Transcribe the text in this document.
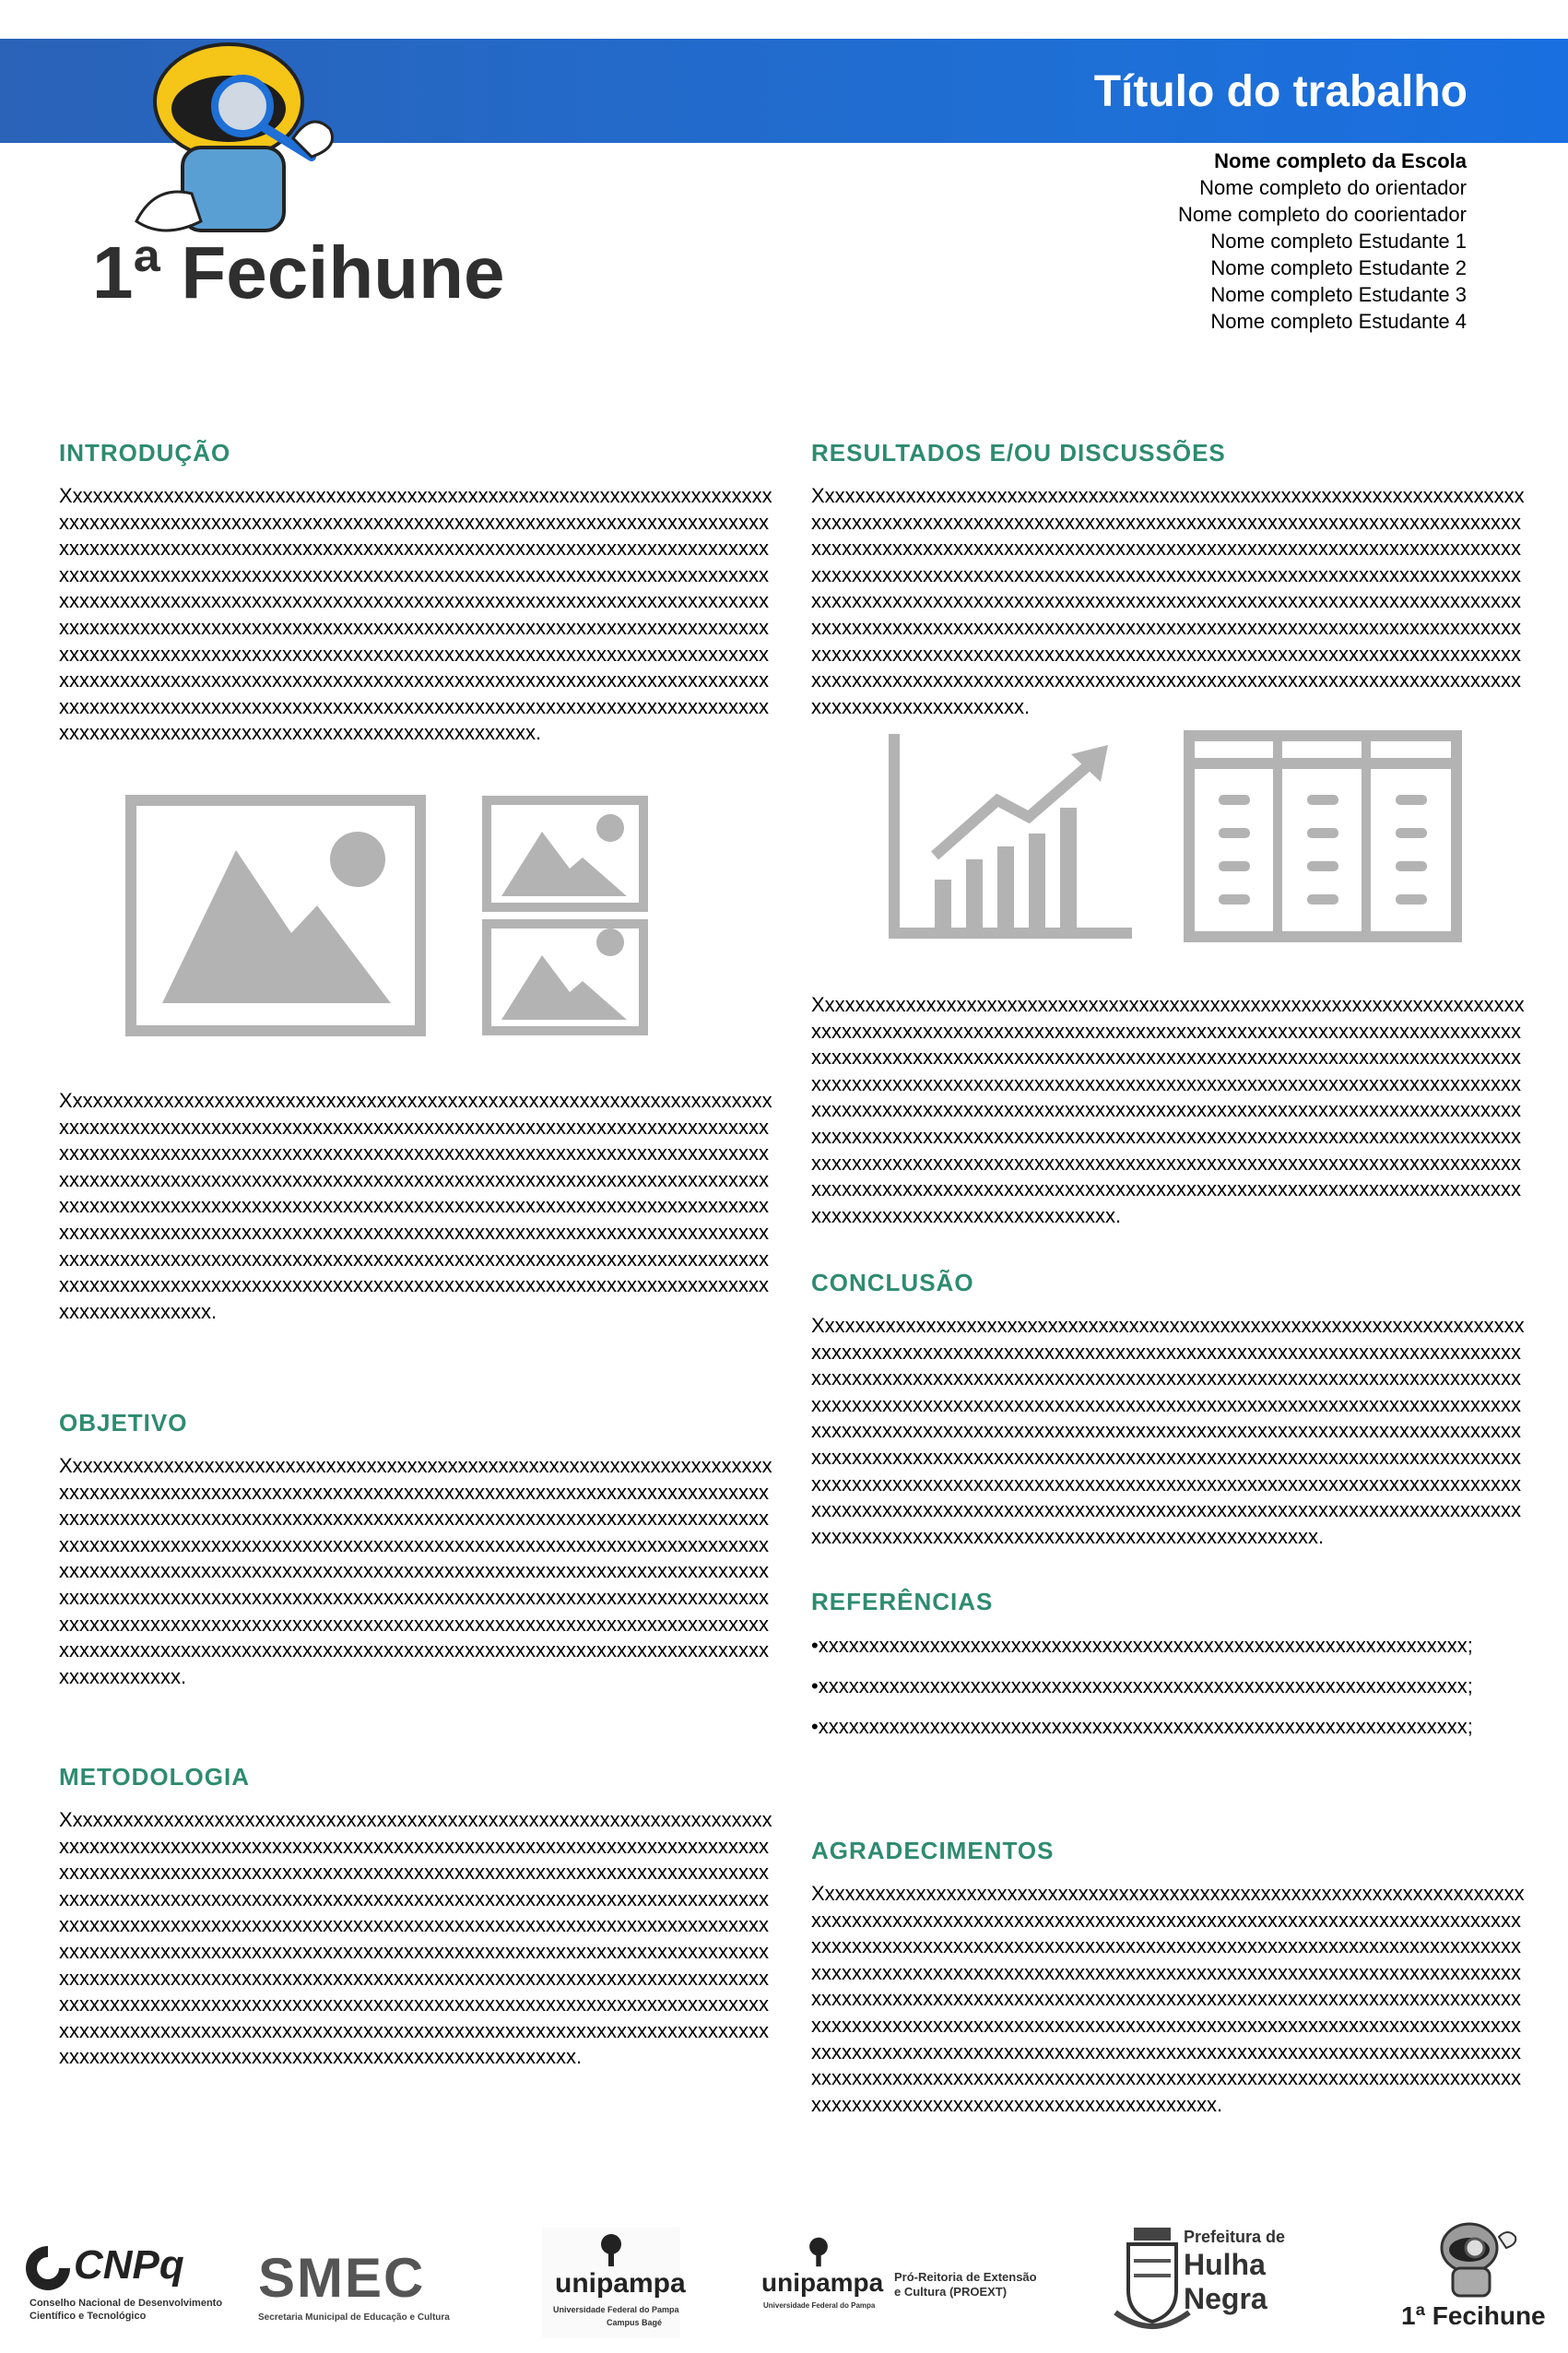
Título do trabalho
1ª Fecihune
Nome completo da Escola
Nome completo do orientador
Nome completo do coorientador
Nome completo Estudante 1
Nome completo Estudante 2
Nome completo Estudante 3
Nome completo Estudante 4
INTRODUÇÃO
Xxxxxxxxxxxxxxxxxxxxxxxxxxxxxxxxxxxxxxxxxxxxxxxxxxxxxxxxxxxxxxxxxxxxxxxxxxxxxxxxxxxxxxxxxxxxxxxxxxxxxxxxxxxxxxxxxxxxxxxxxxxxxxxxxxxxxxxxxxxxxxxxxxxxxxxxxxxxxxxxxxxxxxxxxxxxxxxxxxxxxxxxxxxxxxxxxxxxxxxxxxxxxxxxxxxxxxxxxxxxxxxxxxxxxxxxxxxxxxxxxxxxxxxxxxxxxxxxxxxxxxxxxxxxxxxxxxxxxxxxxxxxxxxxxxxxxxxxxxxxxxxxxxxxxxxxxxxxxxxxxxxxxxxxxxxxxxxxxxxxxxxxxxxxxxxxxxxxxxxxxxxxxxxxxxxxxxxxxxxxxxxxxxxxxxxxxxxxxxxxxxxxxxxxxxxxxxxxxxxxxxxxxxxxxxxxxxxxxxxxxxxxxxxxxxxxxxxxxxxxxxxxxxxxxxxxxxxxxxxxxxxxxxxxxxxxxxxxxxxxxxxxxxxxxxxxxxxxxxxxxxxxxxxxxxxxxxxxxxxxxxxxxxxxxxxxxxxxxxxxxxxxxxxxxxxxxxxxxxxxxxxxxxxxxxxxxxxxxxxxxxxxxxxxxxxxxxxxxxxxxxxxxxxxxxxxxxxxxxxxxxxxxxxxxxxxxxxxxxxxxxxxxxxxxxxxxxxxx.
Xxxxxxxxxxxxxxxxxxxxxxxxxxxxxxxxxxxxxxxxxxxxxxxxxxxxxxxxxxxxxxxxxxxxxxxxxxxxxxxxxxxxxxxxxxxxxxxxxxxxxxxxxxxxxxxxxxxxxxxxxxxxxxxxxxxxxxxxxxxxxxxxxxxxxxxxxxxxxxxxxxxxxxxxxxxxxxxxxxxxxxxxxxxxxxxxxxxxxxxxxxxxxxxxxxxxxxxxxxxxxxxxxxxxxxxxxxxxxxxxxxxxxxxxxxxxxxxxxxxxxxxxxxxxxxxxxxxxxxxxxxxxxxxxxxxxxxxxxxxxxxxxxxxxxxxxxxxxxxxxxxxxxxxxxxxxxxxxxxxxxxxxxxxxxxxxxxxxxxxxxxxxxxxxxxxxxxxxxxxxxxxxxxxxxxxxxxxxxxxxxxxxxxxxxxxxxxxxxxxxxxxxxxxxxxxxxxxxxxxxxxxxxxxxxxxxxxxxxxxxxxxxxxxxxxxxxxxxxxxxxxxxxxxxxxxxxxxxxxxxxxxxxxxxxxxxxxxxxxxxxxxxxxxxxxxxxxxxxxxxxxxxxxxxxxxxxxxxxxxxxxxxxxxxxxxxxxx.
OBJETIVO
Xxxxxxxxxxxxxxxxxxxxxxxxxxxxxxxxxxxxxxxxxxxxxxxxxxxxxxxxxxxxxxxxxxxxxxxxxxxxxxxxxxxxxxxxxxxxxxxxxxxxxxxxxxxxxxxxxxxxxxxxxxxxxxxxxxxxxxxxxxxxxxxxxxxxxxxxxxxxxxxxxxxxxxxxxxxxxxxxxxxxxxxxxxxxxxxxxxxxxxxxxxxxxxxxxxxxxxxxxxxxxxxxxxxxxxxxxxxxxxxxxxxxxxxxxxxxxxxxxxxxxxxxxxxxxxxxxxxxxxxxxxxxxxxxxxxxxxxxxxxxxxxxxxxxxxxxxxxxxxxxxxxxxxxxxxxxxxxxxxxxxxxxxxxxxxxxxxxxxxxxxxxxxxxxxxxxxxxxxxxxxxxxxxxxxxxxxxxxxxxxxxxxxxxxxxxxxxxxxxxxxxxxxxxxxxxxxxxxxxxxxxxxxxxxxxxxxxxxxxxxxxxxxxxxxxxxxxxxxxxxxxxxxxxxxxxxxxxxxxxxxxxxxxxxxxxxxxxxxxxxxxxxxxxxxxxxxxxxxxxxxxxxxxxxxxxxxxxxxxxxxxxxxxxxxxxx.
METODOLOGIA
Xxxxxxxxxxxxxxxxxxxxxxxxxxxxxxxxxxxxxxxxxxxxxxxxxxxxxxxxxxxxxxxxxxxxxxxxxxxxxxxxxxxxxxxxxxxxxxxxxxxxxxxxxxxxxxxxxxxxxxxxxxxxxxxxxxxxxxxxxxxxxxxxxxxxxxxxxxxxxxxxxxxxxxxxxxxxxxxxxxxxxxxxxxxxxxxxxxxxxxxxxxxxxxxxxxxxxxxxxxxxxxxxxxxxxxxxxxxxxxxxxxxxxxxxxxxxxxxxxxxxxxxxxxxxxxxxxxxxxxxxxxxxxxxxxxxxxxxxxxxxxxxxxxxxxxxxxxxxxxxxxxxxxxxxxxxxxxxxxxxxxxxxxxxxxxxxxxxxxxxxxxxxxxxxxxxxxxxxxxxxxxxxxxxxxxxxxxxxxxxxxxxxxxxxxxxxxxxxxxxxxxxxxxxxxxxxxxxxxxxxxxxxxxxxxxxxxxxxxxxxxxxxxxxxxxxxxxxxxxxxxxxxxxxxxxxxxxxxxxxxxxxxxxxxxxxxxxxxxxxxxxxxxxxxxxxxxxxxxxxxxxxxxxxxxxxxxxxxxxxxxxxxxxxxxxxxxxxxxxxxxxxxxxxxxxxxxxxxxxxxxxxxxxxxxxxxxxxxxxxxxxxxxxxxxxxxxxxxxxxxxxxxxxxxxxxxxxxxxxxxxxxxxxxxxxxxxxxxxxxxx.
RESULTADOS E/OU DISCUSSÕES
Xxxxxxxxxxxxxxxxxxxxxxxxxxxxxxxxxxxxxxxxxxxxxxxxxxxxxxxxxxxxxxxxxxxxxxxxxxxxxxxxxxxxxxxxxxxxxxxxxxxxxxxxxxxxxxxxxxxxxxxxxxxxxxxxxxxxxxxxxxxxxxxxxxxxxxxxxxxxxxxxxxxxxxxxxxxxxxxxxxxxxxxxxxxxxxxxxxxxxxxxxxxxxxxxxxxxxxxxxxxxxxxxxxxxxxxxxxxxxxxxxxxxxxxxxxxxxxxxxxxxxxxxxxxxxxxxxxxxxxxxxxxxxxxxxxxxxxxxxxxxxxxxxxxxxxxxxxxxxxxxxxxxxxxxxxxxxxxxxxxxxxxxxxxxxxxxxxxxxxxxxxxxxxxxxxxxxxxxxxxxxxxxxxxxxxxxxxxxxxxxxxxxxxxxxxxxxxxxxxxxxxxxxxxxxxxxxxxxxxxxxxxxxxxxxxxxxxxxxxxxxxxxxxxxxxxxxxxxxxxxxxxxxxxxxxxxxxxxxxxxxxxxxxxxxxxxxxxxxxxxxxxxxxxxxxxxxxxxxxxxxxxxxxxxxxxxxxxxxxxxxxxxxxxxxxxxxxxxxxxxx.
Xxxxxxxxxxxxxxxxxxxxxxxxxxxxxxxxxxxxxxxxxxxxxxxxxxxxxxxxxxxxxxxxxxxxxxxxxxxxxxxxxxxxxxxxxxxxxxxxxxxxxxxxxxxxxxxxxxxxxxxxxxxxxxxxxxxxxxxxxxxxxxxxxxxxxxxxxxxxxxxxxxxxxxxxxxxxxxxxxxxxxxxxxxxxxxxxxxxxxxxxxxxxxxxxxxxxxxxxxxxxxxxxxxxxxxxxxxxxxxxxxxxxxxxxxxxxxxxxxxxxxxxxxxxxxxxxxxxxxxxxxxxxxxxxxxxxxxxxxxxxxxxxxxxxxxxxxxxxxxxxxxxxxxxxxxxxxxxxxxxxxxxxxxxxxxxxxxxxxxxxxxxxxxxxxxxxxxxxxxxxxxxxxxxxxxxxxxxxxxxxxxxxxxxxxxxxxxxxxxxxxxxxxxxxxxxxxxxxxxxxxxxxxxxxxxxxxxxxxxxxxxxxxxxxxxxxxxxxxxxxxxxxxxxxxxxxxxxxxxxxxxxxxxxxxxxxxxxxxxxxxxxxxxxxxxxxxxxxxxxxxxxxxxxxxxxxxxxxxxxxxxxxxxxxxxxxxxxxxxxxxxxxxxxxxx.
CONCLUSÃO
Xxxxxxxxxxxxxxxxxxxxxxxxxxxxxxxxxxxxxxxxxxxxxxxxxxxxxxxxxxxxxxxxxxxxxxxxxxxxxxxxxxxxxxxxxxxxxxxxxxxxxxxxxxxxxxxxxxxxxxxxxxxxxxxxxxxxxxxxxxxxxxxxxxxxxxxxxxxxxxxxxxxxxxxxxxxxxxxxxxxxxxxxxxxxxxxxxxxxxxxxxxxxxxxxxxxxxxxxxxxxxxxxxxxxxxxxxxxxxxxxxxxxxxxxxxxxxxxxxxxxxxxxxxxxxxxxxxxxxxxxxxxxxxxxxxxxxxxxxxxxxxxxxxxxxxxxxxxxxxxxxxxxxxxxxxxxxxxxxxxxxxxxxxxxxxxxxxxxxxxxxxxxxxxxxxxxxxxxxxxxxxxxxxxxxxxxxxxxxxxxxxxxxxxxxxxxxxxxxxxxxxxxxxxxxxxxxxxxxxxxxxxxxxxxxxxxxxxxxxxxxxxxxxxxxxxxxxxxxxxxxxxxxxxxxxxxxxxxxxxxxxxxxxxxxxxxxxxxxxxxxxxxxxxxxxxxxxxxxxxxxxxxxxxxxxxxxxxxxxxxxxxxxxxxxxxxxxxxxxxxxxxxxxxxxxxxxxxxxxxxxxxxxxxxxx.
REFERÊNCIAS
•xxxxxxxxxxxxxxxxxxxxxxxxxxxxxxxxxxxxxxxxxxxxxxxxxxxxxxxxxxxxxxxx;
•xxxxxxxxxxxxxxxxxxxxxxxxxxxxxxxxxxxxxxxxxxxxxxxxxxxxxxxxxxxxxxxx;
•xxxxxxxxxxxxxxxxxxxxxxxxxxxxxxxxxxxxxxxxxxxxxxxxxxxxxxxxxxxxxxxx;
AGRADECIMENTOS
Xxxxxxxxxxxxxxxxxxxxxxxxxxxxxxxxxxxxxxxxxxxxxxxxxxxxxxxxxxxxxxxxxxxxxxxxxxxxxxxxxxxxxxxxxxxxxxxxxxxxxxxxxxxxxxxxxxxxxxxxxxxxxxxxxxxxxxxxxxxxxxxxxxxxxxxxxxxxxxxxxxxxxxxxxxxxxxxxxxxxxxxxxxxxxxxxxxxxxxxxxxxxxxxxxxxxxxxxxxxxxxxxxxxxxxxxxxxxxxxxxxxxxxxxxxxxxxxxxxxxxxxxxxxxxxxxxxxxxxxxxxxxxxxxxxxxxxxxxxxxxxxxxxxxxxxxxxxxxxxxxxxxxxxxxxxxxxxxxxxxxxxxxxxxxxxxxxxxxxxxxxxxxxxxxxxxxxxxxxxxxxxxxxxxxxxxxxxxxxxxxxxxxxxxxxxxxxxxxxxxxxxxxxxxxxxxxxxxxxxxxxxxxxxxxxxxxxxxxxxxxxxxxxxxxxxxxxxxxxxxxxxxxxxxxxxxxxxxxxxxxxxxxxxxxxxxxxxxxxxxxxxxxxxxxxxxxxxxxxxxxxxxxxxxxxxxxxxxxxxxxxxxxxxxxxxxxxxxxxxxxxxxxxxxxxxxxxxxxxxx.
CNPq
Conselho Nacional de Desenvolvimento
Científico e Tecnológico
SMEC
Secretaria Municipal de Educação e Cultura
unipampa
Universidade Federal do Pampa
Campus Bagé
unipampa
Universidade Federal do Pampa
Pró-Reitoria de Extensão
e Cultura (PROEXT)
Prefeitura de
Hulha Negra
1ª Fecihune
